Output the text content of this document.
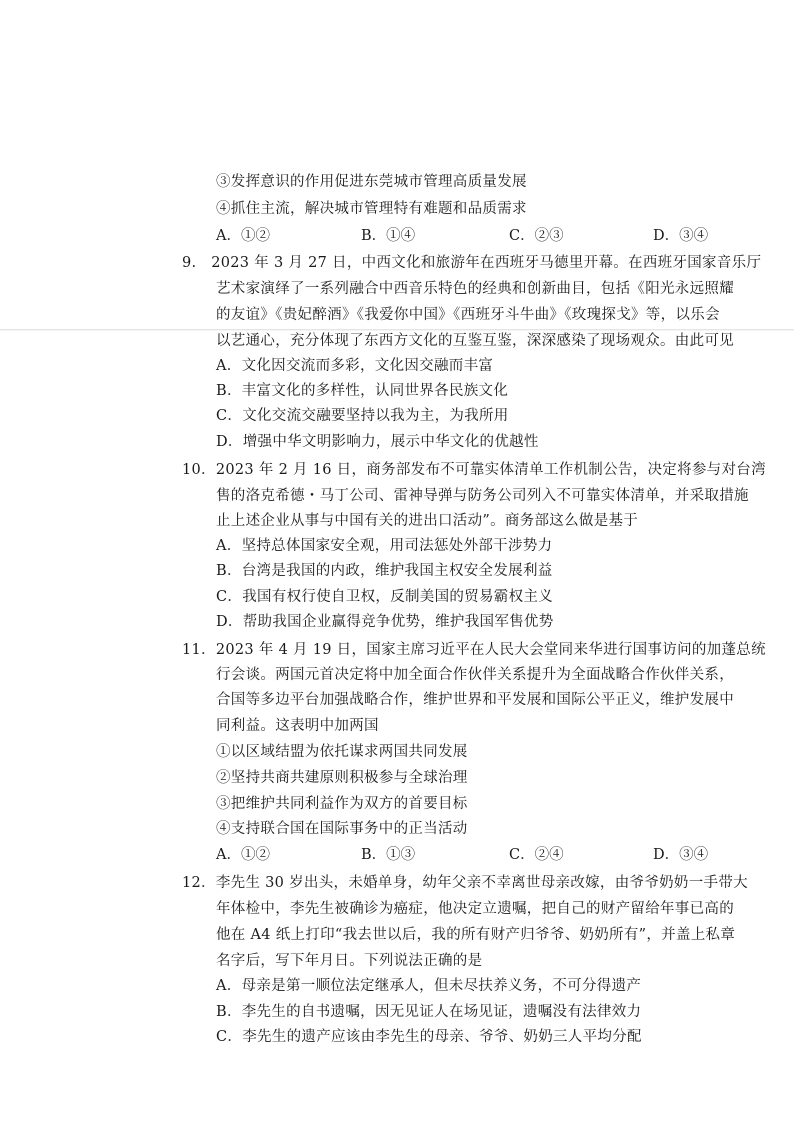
③发挥意识的作用促进东莞城市管理高质量发展
④抓住主流，解决城市管理特有难题和品质需求
A．①②	B．①④	C．②③	D．③④
9.　2023 年 3 月 27 日，中西文化和旅游年在西班牙马德里开幕。在西班牙国家音乐厅
艺术家演绎了一系列融合中西音乐特色的经典和创新曲目，包括《阳光永远照耀
的友谊》《贵妃醉酒》《我爱你中国》《西班牙斗牛曲》《玫瑰探戈》等，以乐会
以艺通心，充分体现了东西方文化的互鉴互鉴，深深感染了现场观众。由此可见
A．文化因交流而多彩，文化因交融而丰富
B．丰富文化的多样性，认同世界各民族文化
C．文化交流交融要坚持以我为主，为我所用
D．增强中华文明影响力，展示中华文化的优越性
10．2023 年 2 月 16 日，商务部发布不可靠实体清单工作机制公告，决定将参与对台湾
售的洛克希德・马丁公司、雷神导弹与防务公司列入不可靠实体清单，并采取措施
止上述企业从事与中国有关的进出口活动”。商务部这么做是基于
A．坚持总体国家安全观，用司法惩处外部干涉势力
B．台湾是我国的内政，维护我国主权安全发展利益
C．我国有权行使自卫权，反制美国的贸易霸权主义
D．帮助我国企业赢得竞争优势，维护我国军售优势
11．2023 年 4 月 19 日，国家主席习近平在人民大会堂同来华进行国事访问的加蓬总统
行会谈。两国元首决定将中加全面合作伙伴关系提升为全面战略合作伙伴关系，
合国等多边平台加强战略合作，维护世界和平发展和国际公平正义，维护发展中
同利益。这表明中加两国
①以区域结盟为依托谋求两国共同发展
②坚持共商共建原则积极参与全球治理
③把维护共同利益作为双方的首要目标
④支持联合国在国际事务中的正当活动
A．①②	B．①③	C．②④	D．③④
12．李先生 30 岁出头，未婚单身，幼年父亲不幸离世母亲改嫁，由爷爷奶奶一手带大
年体检中，李先生被确诊为癌症，他决定立遗嘱，把自己的财产留给年事已高的
他在 A4 纸上打印“我去世以后，我的所有财产归爷爷、奶奶所有”，并盖上私章
名字后，写下年月日。下列说法正确的是
A．母亲是第一顺位法定继承人，但未尽扶养义务，不可分得遗产
B．李先生的自书遗嘱，因无见证人在场见证，遗嘱没有法律效力
C．李先生的遗产应该由李先生的母亲、爷爷、奶奶三人平均分配
